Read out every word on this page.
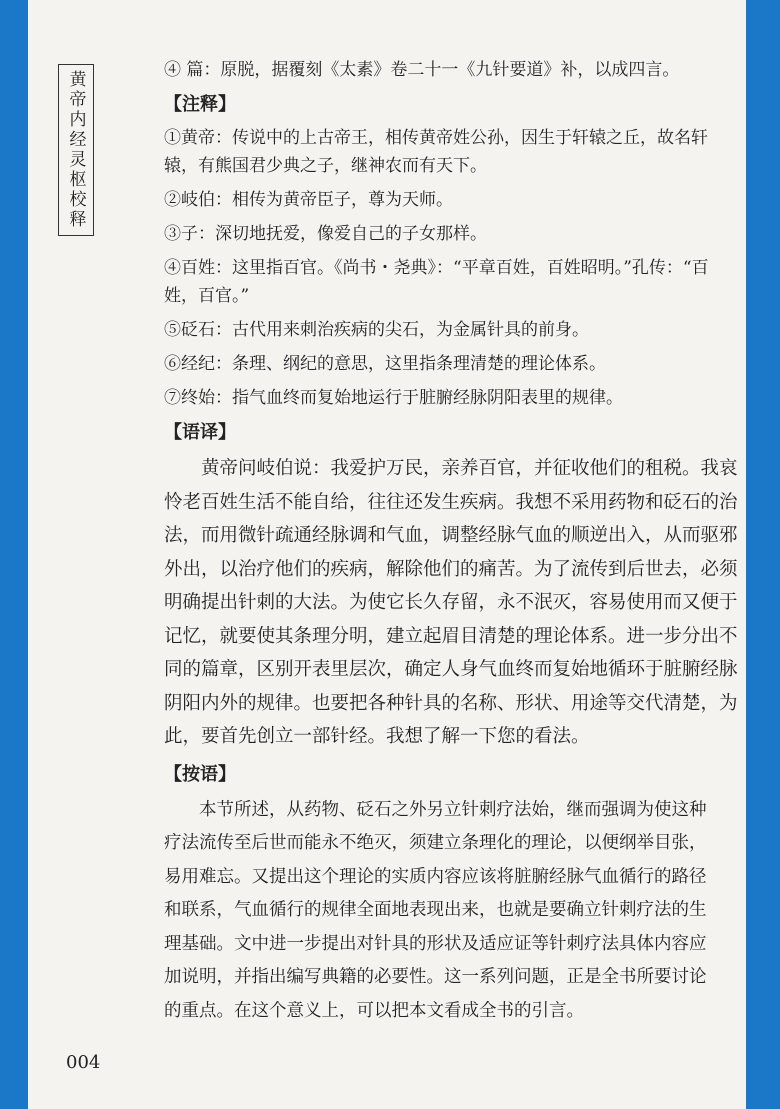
黄帝内经灵枢校释	④ 篇：原脱，据覆刻《太素》卷二十一《九针要道》补，以成四言。
【注释】
①黄帝：传说中的上古帝王，相传黄帝姓公孙，因生于轩辕之丘，故名轩
辕，有熊国君少典之子，继神农而有天下。
②岐伯：相传为黄帝臣子，尊为天师。
③子：深切地抚爱，像爱自己的子女那样。
④百姓：这里指百官。《尚书・尧典》：“平章百姓，百姓昭明。”孔传：“百
姓，百官。”
⑤砭石：古代用来刺治疾病的尖石，为金属针具的前身。
⑥经纪：条理、纲纪的意思，这里指条理清楚的理论体系。
⑦终始：指气血终而复始地运行于脏腑经脉阴阳表里的规律。
【语译】
黄帝问岐伯说：我爱护万民，亲养百官，并征收他们的租税。我哀
怜老百姓生活不能自给，往往还发生疾病。我想不采用药物和砭石的治
法，而用微针疏通经脉调和气血，调整经脉气血的顺逆出入，从而驱邪
外出，以治疗他们的疾病，解除他们的痛苦。为了流传到后世去，必须
明确提出针刺的大法。为使它长久存留，永不泯灭，容易使用而又便于
记忆，就要使其条理分明，建立起眉目清楚的理论体系。进一步分出不
同的篇章，区别开表里层次，确定人身气血终而复始地循环于脏腑经脉
阴阳内外的规律。也要把各种针具的名称、形状、用途等交代清楚，为
此，要首先创立一部针经。我想了解一下您的看法。
【按语】
本节所述，从药物、砭石之外另立针刺疗法始，继而强调为使这种
疗法流传至后世而能永不绝灭，须建立条理化的理论，以便纲举目张，
易用难忘。又提出这个理论的实质内容应该将脏腑经脉气血循行的路径
和联系，气血循行的规律全面地表现出来，也就是要确立针刺疗法的生
理基础。文中进一步提出对针具的形状及适应证等针刺疗法具体内容应
加说明，并指出编写典籍的必要性。这一系列问题，正是全书所要讨论
的重点。在这个意义上，可以把本文看成全书的引言。
004
